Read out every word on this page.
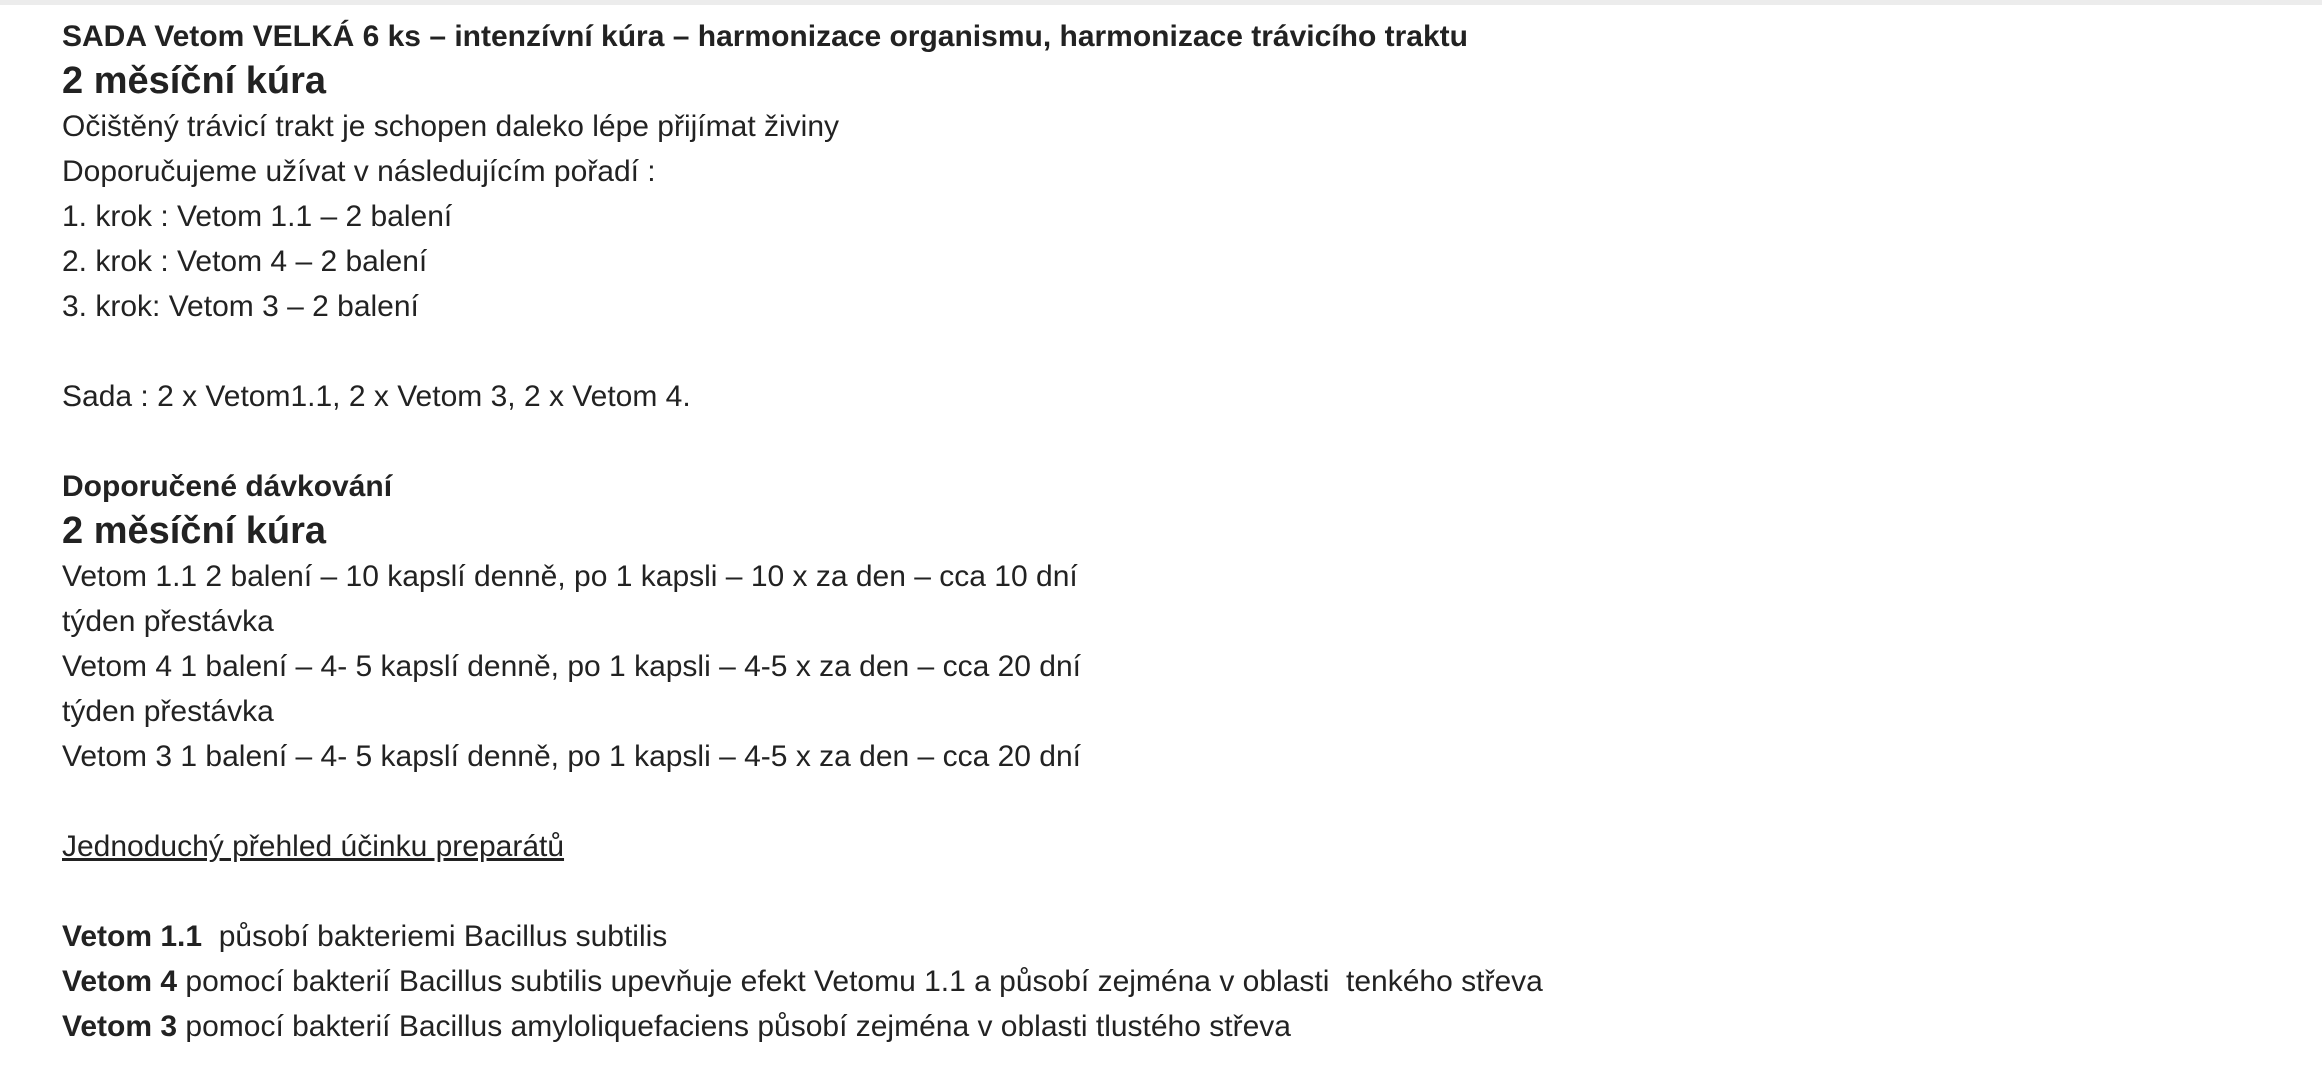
SADA Vetom VELKÁ 6 ks – intenzívní kúra – harmonizace organismu, harmonizace trávicího traktu

2 měsíční kúra

Očištěný trávicí trakt je schopen daleko lépe přijímat živiny

Doporučujeme užívat v následujícím pořadí :

1. krok : Vetom 1.1 – 2 balení

2. krok : Vetom 4 – 2 balení

3. krok: Vetom 3 – 2 balení

Sada : 2 x Vetom1.1, 2 x Vetom 3, 2 x Vetom 4.

Doporučené dávkování

2 měsíční kúra

Vetom 1.1 2 balení – 10 kapslí denně, po 1 kapsli – 10 x za den – cca 10 dní

týden přestávka

Vetom 4 1 balení – 4- 5 kapslí denně, po 1 kapsli – 4-5 x za den – cca 20 dní

týden přestávka

Vetom 3 1 balení – 4- 5 kapslí denně, po 1 kapsli – 4-5 x za den – cca 20 dní

Jednoduchý přehled účinku preparátů

Vetom 1.1  působí bakteriemi Bacillus subtilis

Vetom 4 pomocí bakterií Bacillus subtilis upevňuje efekt Vetomu 1.1 a působí zejména v oblasti  tenkého střeva

Vetom 3 pomocí bakterií Bacillus amyloliquefaciens působí zejména v oblasti tlustého střeva
